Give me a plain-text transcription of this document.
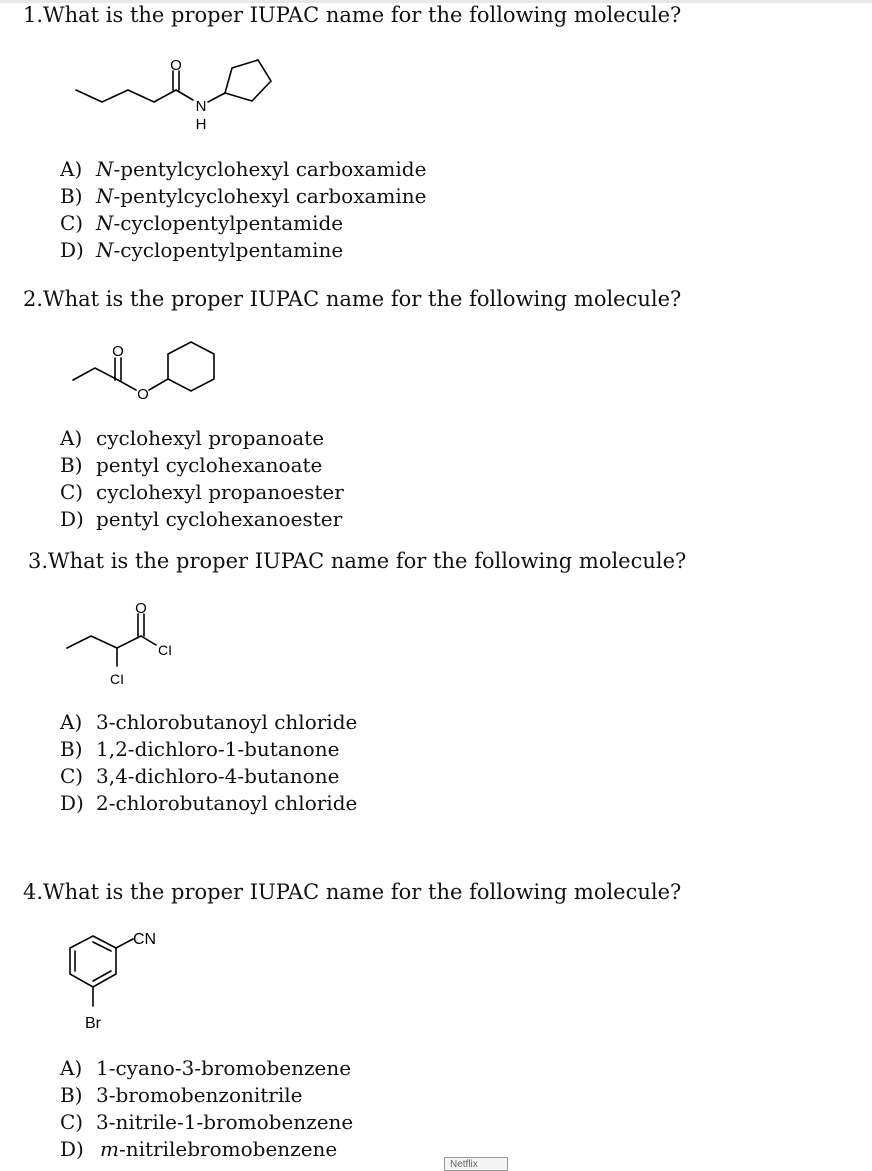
1.What is the proper IUPAC name for the following molecule?
O
N
H
A) N-pentylcyclohexyl carboxamide
B) N-pentylcyclohexyl carboxamine
C) N-cyclopentylpentamide
D) N-cyclopentylpentamine
2.What is the proper IUPAC name for the following molecule?
O
O
A) cyclohexyl propanoate
B) pentyl cyclohexanoate
C) cyclohexyl propanoester
D) pentyl cyclohexanoester
3.What is the proper IUPAC name for the following molecule?
O
CI
CI
A) 3-chlorobutanoyl chloride
B) 1,2-dichloro-1-butanone
C) 3,4-dichloro-4-butanone
D) 2-chlorobutanoyl chloride
4.What is the proper IUPAC name for the following molecule?
CN
Br
A) 1-cyano-3-bromobenzene
B) 3-bromobenzonitrile
C) 3-nitrile-1-bromobenzene
D) m-nitrilebromobenzene
Netflix
